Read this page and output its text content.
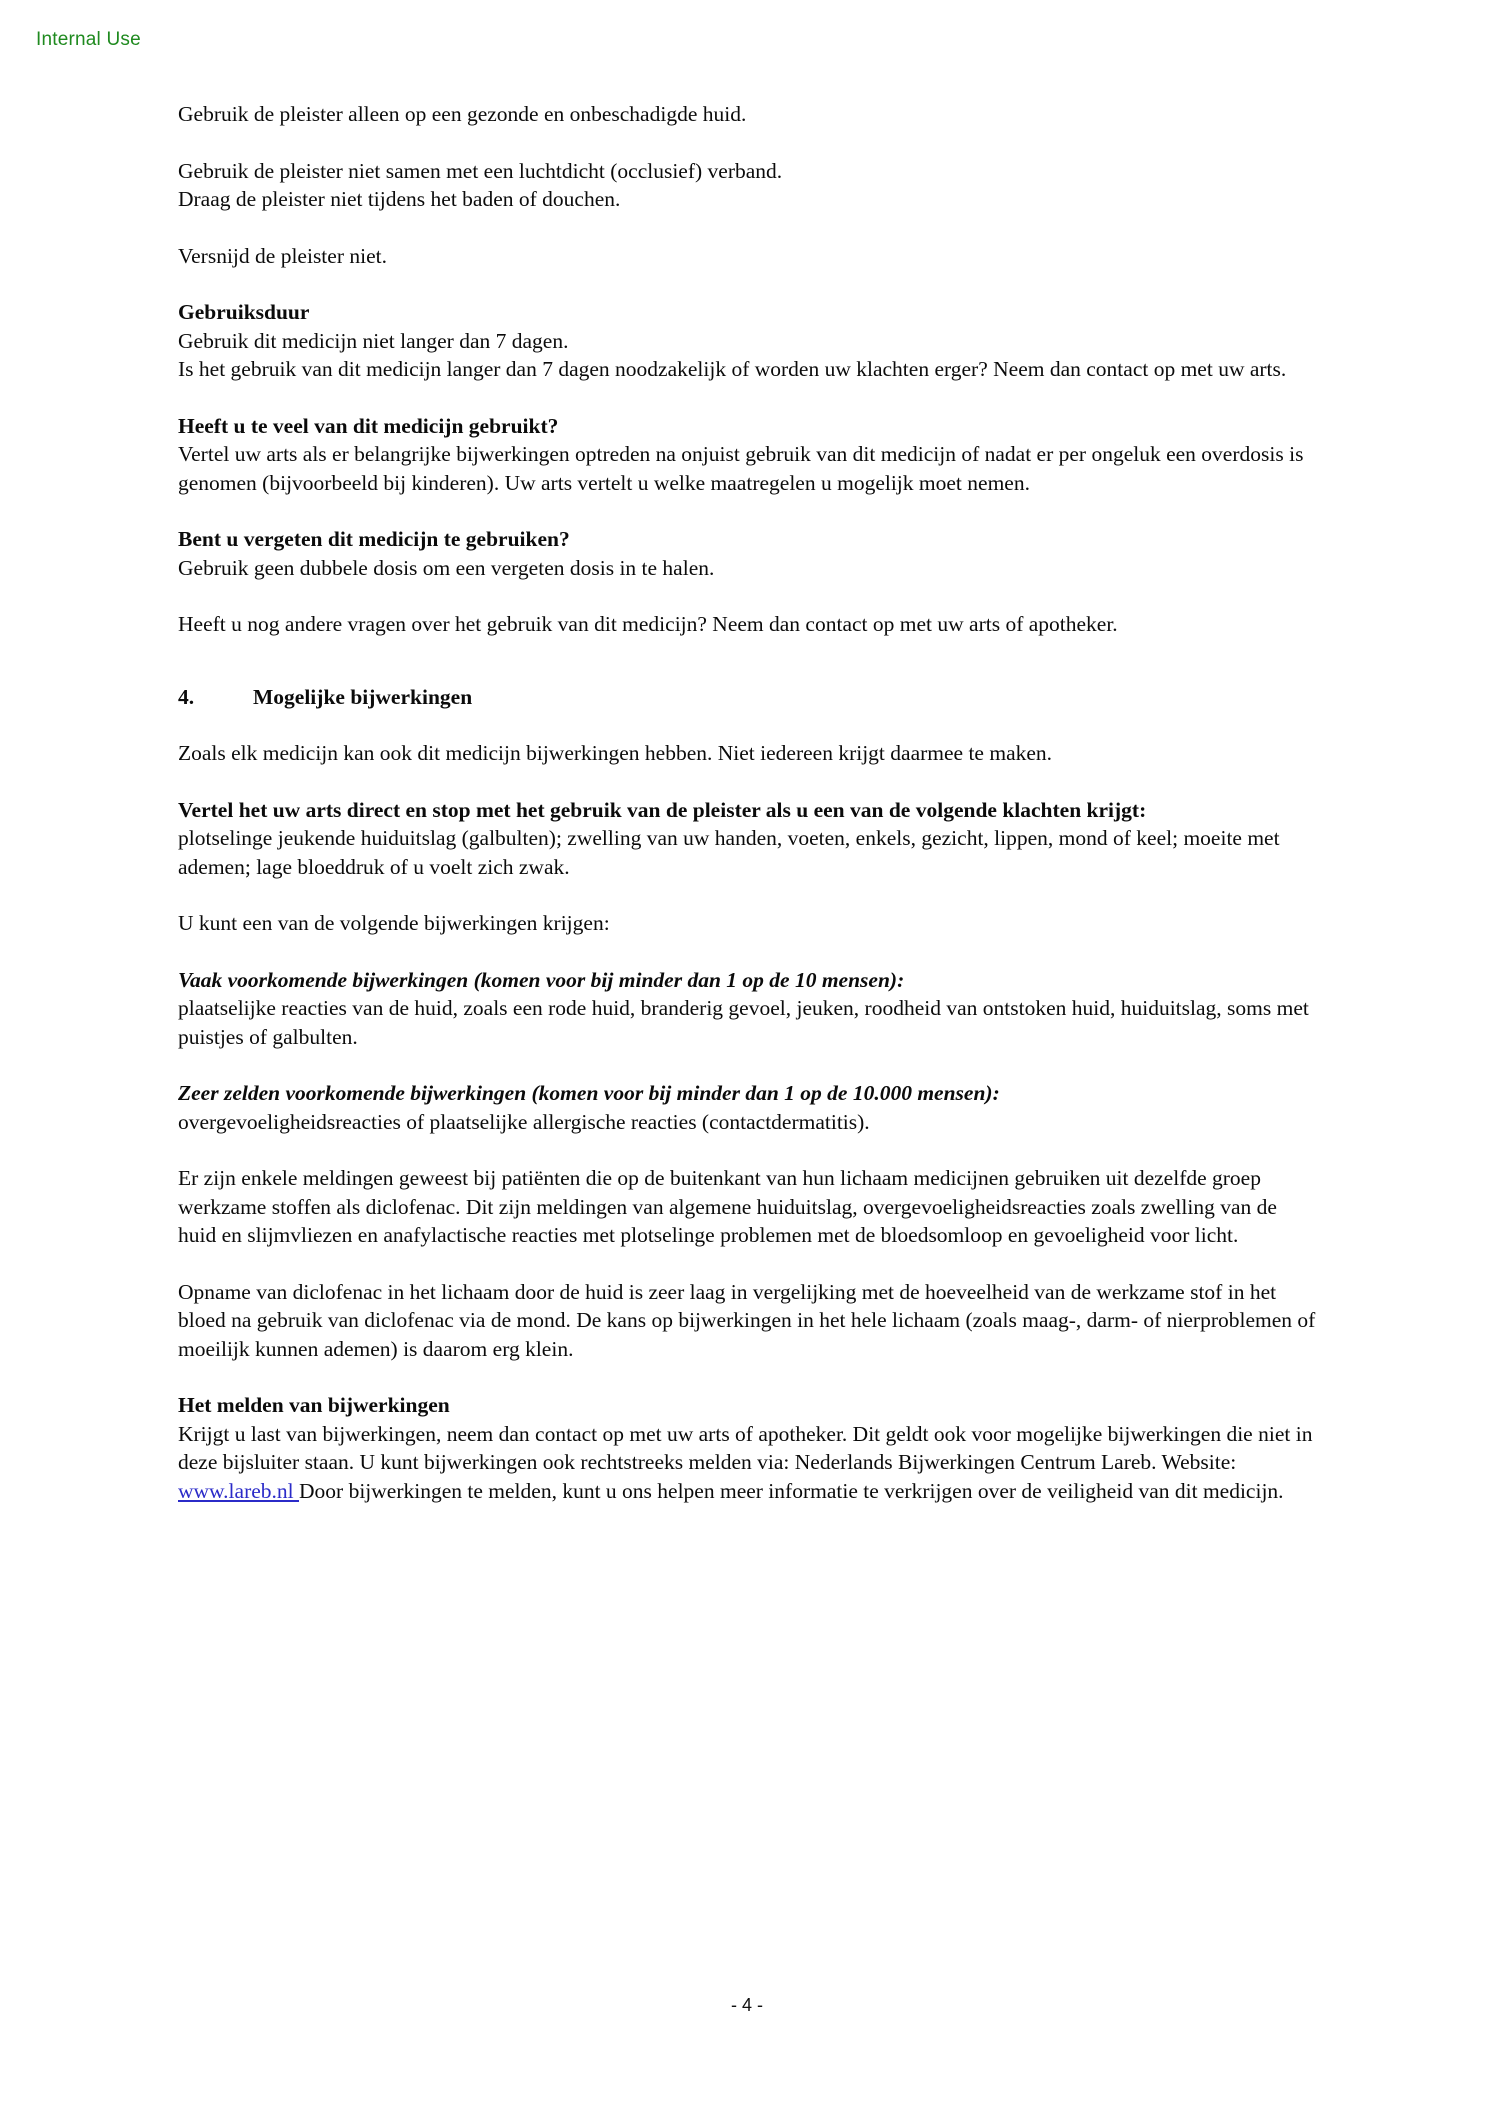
Internal Use

Gebruik de pleister alleen op een gezonde en onbeschadigde huid.

Gebruik de pleister niet samen met een luchtdicht (occlusief) verband.

Draag de pleister niet tijdens het baden of douchen.

Versnijd de pleister niet.

Gebruiksduur

Gebruik dit medicijn niet langer dan 7 dagen.

Is het gebruik van dit medicijn langer dan 7 dagen noodzakelijk of worden uw klachten erger? Neem dan contact op met uw arts.

Heeft u te veel van dit medicijn gebruikt?

Vertel uw arts als er belangrijke bijwerkingen optreden na onjuist gebruik van dit medicijn of nadat er per ongeluk een overdosis is genomen (bijvoorbeeld bij kinderen). Uw arts vertelt u welke maatregelen u mogelijk moet nemen.

Bent u vergeten dit medicijn te gebruiken?

Gebruik geen dubbele dosis om een vergeten dosis in te halen.

Heeft u nog andere vragen over het gebruik van dit medicijn? Neem dan contact op met uw arts of apotheker.

4.	Mogelijke bijwerkingen

Zoals elk medicijn kan ook dit medicijn bijwerkingen hebben. Niet iedereen krijgt daarmee te maken.

Vertel het uw arts direct en stop met het gebruik van de pleister als u een van de volgende klachten krijgt:

plotselinge jeukende huiduitslag (galbulten); zwelling van uw handen, voeten, enkels, gezicht, lippen, mond of keel; moeite met ademen; lage bloeddruk of u voelt zich zwak.

U kunt een van de volgende bijwerkingen krijgen:

Vaak voorkomende bijwerkingen (komen voor bij minder dan 1 op de 10 mensen):

plaatselijke reacties van de huid, zoals een rode huid, branderig gevoel, jeuken, roodheid van ontstoken huid, huiduitslag, soms met puistjes of galbulten.

Zeer zelden voorkomende bijwerkingen (komen voor bij minder dan 1 op de 10.000 mensen):

overgevoeligheidsreacties of plaatselijke allergische reacties (contactdermatitis).

Er zijn enkele meldingen geweest bij patiënten die op de buitenkant van hun lichaam medicijnen gebruiken uit dezelfde groep werkzame stoffen als diclofenac. Dit zijn meldingen van algemene huiduitslag, overgevoeligheidsreacties zoals zwelling van de huid en slijmvliezen en anafylactische reacties met plotselinge problemen met de bloedsomloop en gevoeligheid voor licht.

Opname van diclofenac in het lichaam door de huid is zeer laag in vergelijking met de hoeveelheid van de werkzame stof in het bloed na gebruik van diclofenac via de mond. De kans op bijwerkingen in het hele lichaam (zoals maag-, darm- of nierproblemen of moeilijk kunnen ademen) is daarom erg klein.

Het melden van bijwerkingen

Krijgt u last van bijwerkingen, neem dan contact op met uw arts of apotheker. Dit geldt ook voor mogelijke bijwerkingen die niet in deze bijsluiter staan. U kunt bijwerkingen ook rechtstreeks melden via: Nederlands Bijwerkingen Centrum Lareb. Website: www.lareb.nl Door bijwerkingen te melden, kunt u ons helpen meer informatie te verkrijgen over de veiligheid van dit medicijn.

- 4 -
